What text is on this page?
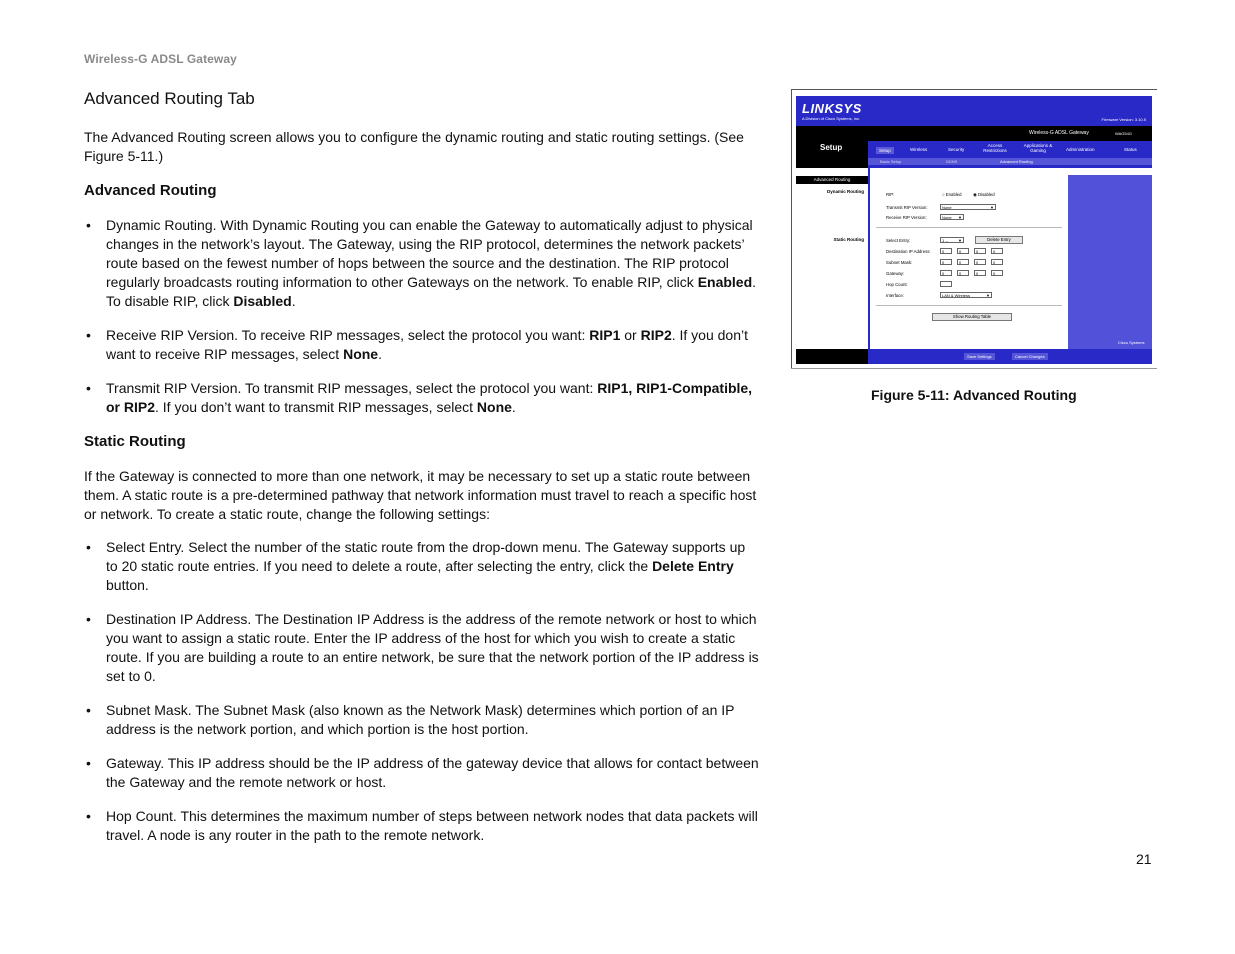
Wireless-G ADSL Gateway
Advanced Routing Tab

The Advanced Routing screen allows you to configure the dynamic routing and static routing settings. (See Figure 5-11.)

Advanced Routing
• Dynamic Routing. With Dynamic Routing you can enable the Gateway to automatically adjust to physical changes in the network’s layout. The Gateway, using the RIP protocol, determines the network packets’ route based on the fewest number of hops between the source and the destination. The RIP protocol regularly broadcasts routing information to other Gateways on the network. To enable RIP, click Enabled. To disable RIP, click Disabled.
• Receive RIP Version. To receive RIP messages, select the protocol you want: RIP1 or RIP2. If you don’t want to receive RIP messages, select None.
• Transmit RIP Version. To transmit RIP messages, select the protocol you want: RIP1, RIP1-Compatible, or RIP2. If you don’t want to transmit RIP messages, select None.
Static Routing

If the Gateway is connected to more than one network, it may be necessary to set up a static route between them. A static route is a pre-determined pathway that network information must travel to reach a specific host or network. To create a static route, change the following settings:

• Select Entry. Select the number of the static route from the drop-down menu. The Gateway supports up to 20 static route entries. If you need to delete a route, after selecting the entry, click the Delete Entry button.
• Destination IP Address. The Destination IP Address is the address of the remote network or host to which you want to assign a static route. Enter the IP address of the host for which you wish to create a static route. If you are building a route to an entire network, be sure that the network portion of the IP address is set to 0.
• Subnet Mask. The Subnet Mask (also known as the Network Mask) determines which portion of an IP address is the network portion, and which portion is the host portion.
• Gateway. This IP address should be the IP address of the gateway device that allows for contact between the Gateway and the remote network or host.
• Hop Count. This determines the maximum number of steps between network nodes that data packets will travel. A node is any router in the path to the remote network.
LINKSYS
A Division of Cisco Systems, Inc.	Firmware Version: 3.10.5
Setup
Wireless-G ADSL Gateway	WAG54G
Setup	Wireless	Security
Access Restrictions
Applications & Gaming	Administration	Status
Basic Setup	DDNS	Advanced Routing
Advanced Routing
Dynamic Routing
Static Routing
Cisco Systems
RIP:	○ Enabled	◉ Disabled
Transmit RIP Version:	None	▼
Receive RIP Version:	None ▼
Select Entry:	1 --	▼	Delete Entry
Destination IP Address:	0	0	0	0
Subnet Mask:	0	0	0	0
Gateway:	0	0	0	0
Hop Count:
Interface:	LAN & Wireless	▼
Show Routing Table
Save Settings	Cancel Changes
Figure 5-11: Advanced Routing
21
